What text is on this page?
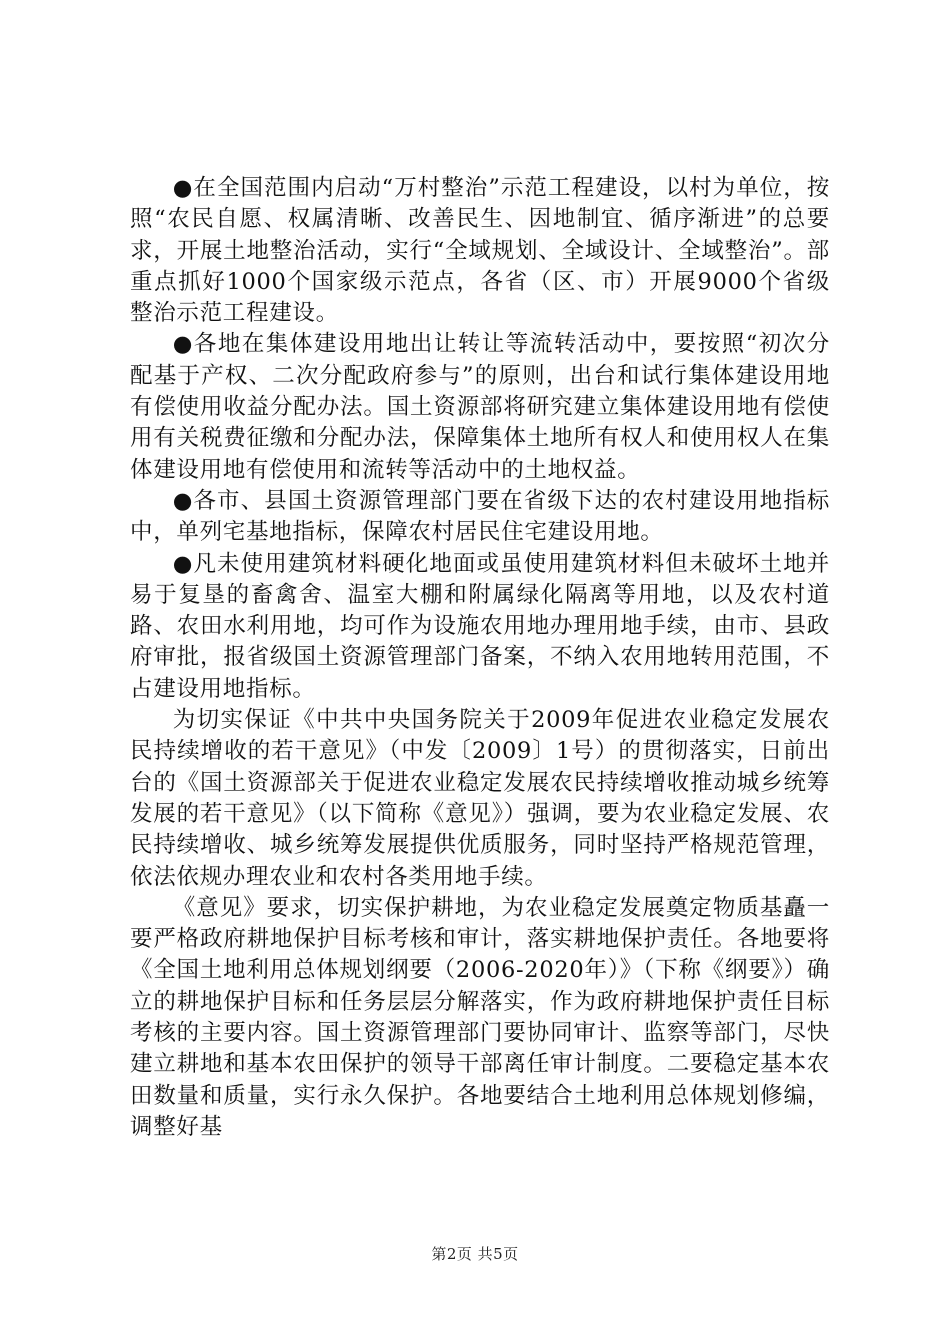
●在全国范围内启动“万村整治”示范工程建设，以村为单位，按照“农民自愿、权属清晰、改善民生、因地制宜、循序渐进”的总要求，开展土地整治活动，实行“全域规划、全域设计、全域整治”。部重点抓好1000个国家级示范点，各省（区、市）开展9000个省级整治示范工程建设。

●各地在集体建设用地出让转让等流转活动中，要按照“初次分配基于产权、二次分配政府参与”的原则，出台和试行集体建设用地有偿使用收益分配办法。国土资源部将研究建立集体建设用地有偿使用有关税费征缴和分配办法，保障集体土地所有权人和使用权人在集体建设用地有偿使用和流转等活动中的土地权益。

●各市、县国土资源管理部门要在省级下达的农村建设用地指标中，单列宅基地指标，保障农村居民住宅建设用地。

●凡未使用建筑材料硬化地面或虽使用建筑材料但未破坏土地并易于复垦的畜禽舍、温室大棚和附属绿化隔离等用地，以及农村道路、农田水利用地，均可作为设施农用地办理用地手续，由市、县政府审批，报省级国土资源管理部门备案，不纳入农用地转用范围，不占建设用地指标。

为切实保证《中共中央国务院关于2009年促进农业稳定发展农民持续增收的若干意见》（中发〔2009〕1号）的贯彻落实，日前出台的《国土资源部关于促进农业稳定发展农民持续增收推动城乡统筹发展的若干意见》（以下简称《意见》）强调，要为农业稳定发展、农民持续增收、城乡统筹发展提供优质服务，同时坚持严格规范管理，依法依规办理农业和农村各类用地手续。

《意见》要求，切实保护耕地，为农业稳定发展奠定物质基矗一要严格政府耕地保护目标考核和审计，落实耕地保护责任。各地要将《全国土地利用总体规划纲要（2006-2020年）》（下称《纲要》）确立的耕地保护目标和任务层层分解落实，作为政府耕地保护责任目标考核的主要内容。国土资源管理部门要协同审计、监察等部门，尽快建立耕地和基本农田保护的领导干部离任审计制度。二要稳定基本农田数量和质量，实行永久保护。各地要结合土地利用总体规划修编，调整好基

第2页 共5页
